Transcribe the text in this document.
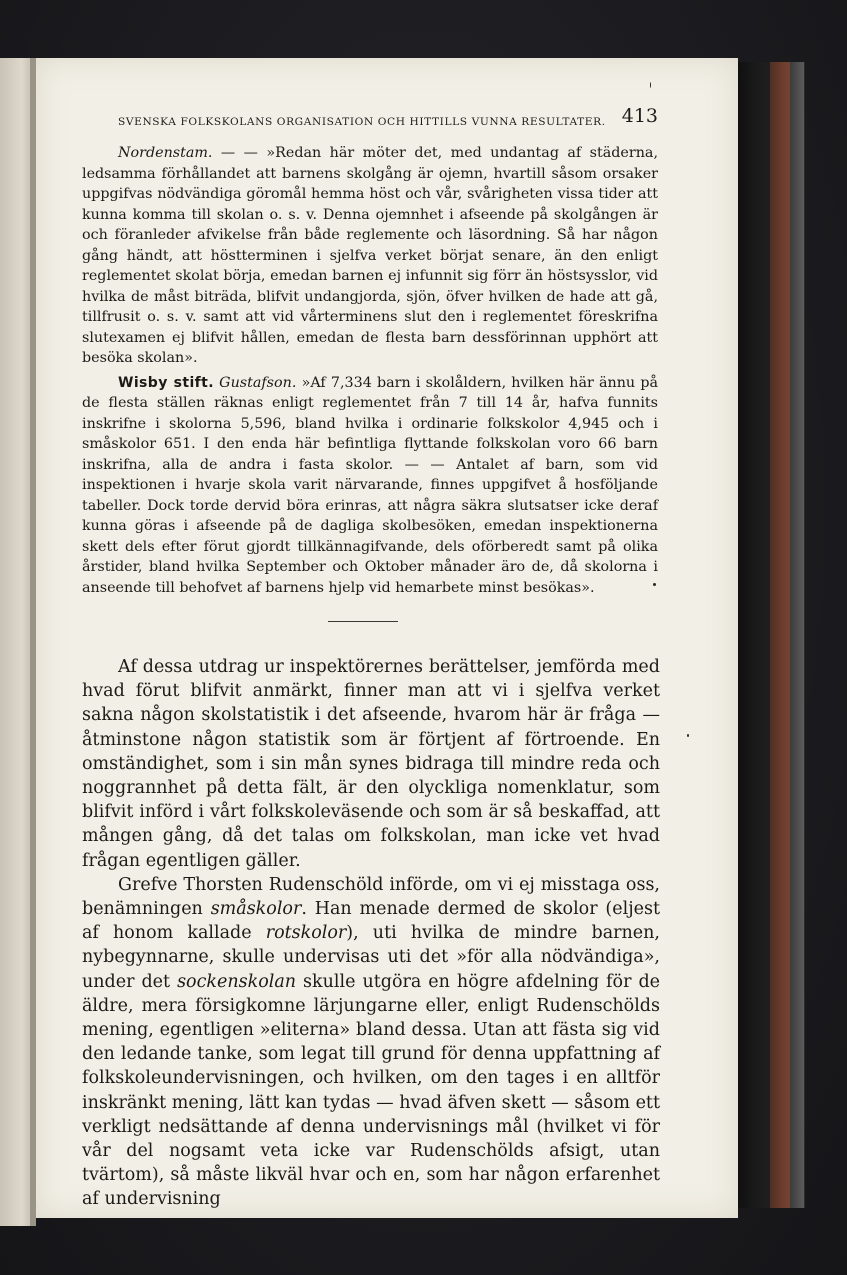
SVENSKA FOLKSKOLANS ORGANISATION OCH HITTILLS VUNNA RESULTATER. 413

Nordenstam. — — »Redan här möter det, med undantag af städerna, ledsamma förhållandet att barnens skolgång är ojemn, hvartill såsom orsaker uppgifvas nödvändiga göromål hemma höst och vår, svårigheten vissa tider att kunna komma till skolan o. s. v. Denna ojemnhet i afseende på skolgången är och föranleder afvikelse från både reglemente och läsordning. Så har någon gång händt, att höstterminen i sjelfva verket börjat senare, än den enligt reglementet skolat börja, emedan barnen ej infunnit sig förr än höstsysslor, vid hvilka de måst biträda, blifvit undangjorda, sjön, öfver hvilken de hade att gå, tillfrusit o. s. v. samt att vid vårterminens slut den i reglementet föreskrifna slutexamen ej blifvit hållen, emedan de flesta barn dessförinnan upphört att besöka skolan».

Wisby stift. Gustafson. »Af 7,334 barn i skolåldern, hvilken här ännu på de flesta ställen räknas enligt reglementet från 7 till 14 år, hafva funnits inskrifne i skolorna 5,596, bland hvilka i ordinarie folkskolor 4,945 och i småskolor 651. I den enda här befintliga flyttande folkskolan voro 66 barn inskrifna, alla de andra i fasta skolor. — — Antalet af barn, som vid inspektionen i hvarje skola varit närvarande, finnes uppgifvet å hosföljande tabeller. Dock torde dervid böra erinras, att några säkra slutsatser icke deraf kunna göras i afseende på de dagliga skolbesöken, emedan inspektionerna skett dels efter förut gjordt tillkännagifvande, dels oförberedt samt på olika årstider, bland hvilka September och Oktober månader äro de, då skolorna i anseende till behofvet af barnens hjelp vid hemarbete minst besökas».

Af dessa utdrag ur inspektörernes berättelser, jemförda med hvad förut blifvit anmärkt, finner man att vi i sjelfva verket sakna någon skolstatistik i det afseende, hvarom här är fråga — åtminstone någon statistik som är förtjent af förtroende. En omständighet, som i sin mån synes bidraga till mindre reda och noggrannhet på detta fält, är den olyckliga nomenklatur, som blifvit införd i vårt folkskoleväsende och som är så beskaffad, att mången gång, då det talas om folkskolan, man icke vet hvad frågan egentligen gäller.

Grefve Thorsten Rudenschöld införde, om vi ej misstaga oss, benämningen småskolor. Han menade dermed de skolor (eljest af honom kallade rotskolor), uti hvilka de mindre barnen, nybegynnarne, skulle undervisas uti det »för alla nödvändiga», under det sockenskolan skulle utgöra en högre afdelning för de äldre, mera försigkomne lärjungarne eller, enligt Rudenschölds mening, egentligen »eliterna» bland dessa. Utan att fästa sig vid den ledande tanke, som legat till grund för denna uppfattning af folkskoleundervisningen, och hvilken, om den tages i en alltför inskränkt mening, lätt kan tydas — hvad äfven skett — såsom ett verkligt nedsättande af denna undervisnings mål (hvilket vi för vår del nogsamt veta icke var Rudenschölds afsigt, utan tvärtom), så måste likväl hvar och en, som har någon erfarenhet af undervisning
